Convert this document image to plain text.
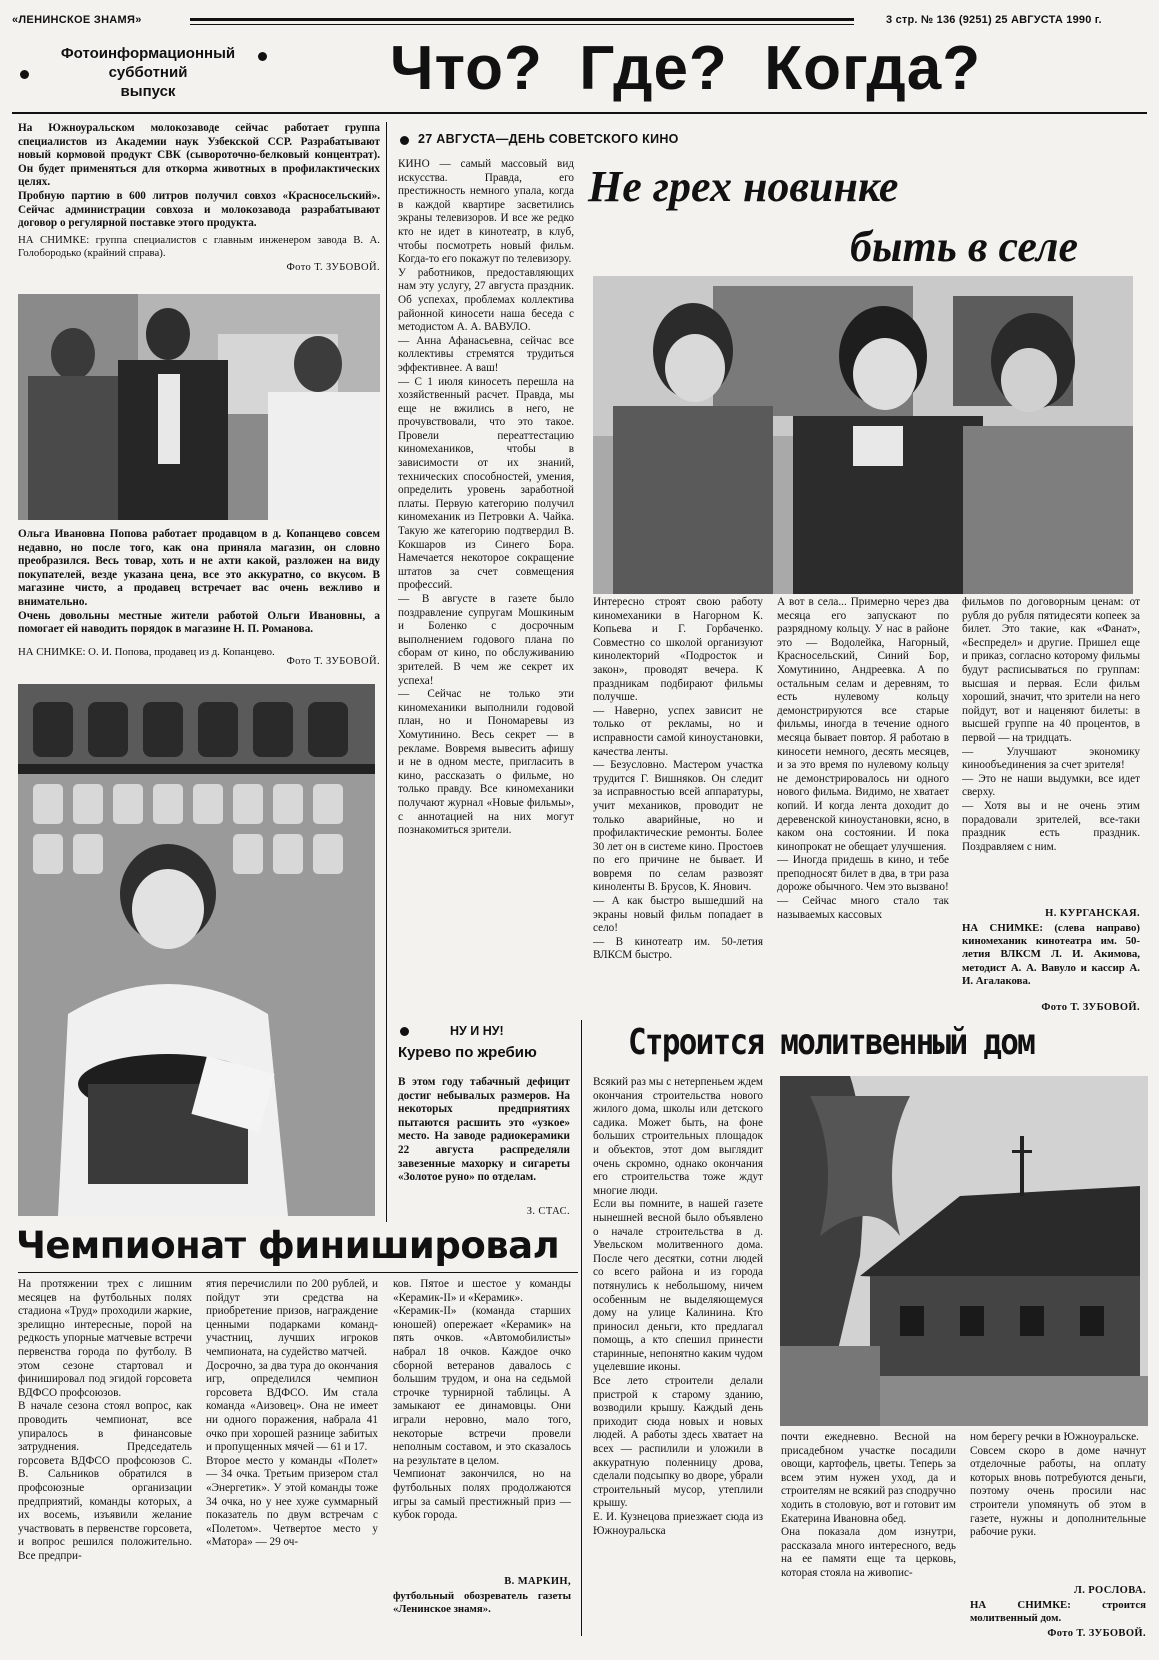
«ЛЕНИНСКОЕ ЗНАМЯ»	3 стр. № 136 (9251) 25 АВГУСТА 1990 г.
Фотоинформационный
субботний
выпуск	Что?  Где?  Когда?
На Южноуральском молокозаводе сейчас работает группа специалистов из Академии наук Узбекской ССР. Разрабатывают новый кормовой продукт СВК (сывороточно-белковый концентрат). Он будет применяться для откорма животных в профилактических целях.
Пробную партию в 600 литров получил совхоз «Красносельский». Сейчас администрации совхоза и молокозавода разрабатывают договор о регулярной поставке этого продукта.
НА СНИМКЕ: группа специалистов с главным инженером завода В. А. Голобородько (крайний справа).
Фото Т. ЗУБОВОЙ.
Ольга Ивановна Попова работает продавцом в д. Копанцево совсем недавно, но после того, как она приняла магазин, он словно преобразился. Весь товар, хоть и не ахти какой, разложен на виду покупателей, везде указана цена, все это аккуратно, со вкусом. В магазине чисто, а продавец встречает вас очень вежливо и внимательно.
Очень довольны местные жители работой Ольги Ивановны, а помогает ей наводить порядок в магазине Н. П. Романова.
НА СНИМКЕ: О. И. Попова, продавец из д. Копанцево.
Фото Т. ЗУБОВОЙ.
27 АВГУСТА—ДЕНЬ СОВЕТСКОГО КИНО
Не грех новинке
быть в селе
КИНО — самый массовый вид искусства. Правда, его престижность немного упала, когда в каждой квартире засветились экраны телевизоров. И все же редко кто не идет в кинотеатр, в клуб, чтобы посмотреть новый фильм. Когда-то его покажут по телевизору.
У работников, предоставляющих нам эту услугу, 27 августа праздник. Об успехах, проблемах коллектива районной киносети наша беседа с методистом А. А. ВАВУЛО.
— Анна Афанасьевна, сейчас все коллективы стремятся трудиться эффективнее. А ваш!
— С 1 июля киносеть перешла на хозяйственный расчет. Правда, мы еще не вжились в него, не прочувствовали, что это такое. Провели переаттестацию киномехаников, чтобы в зависимости от их знаний, технических способностей, умения, определить уровень заработной платы. Первую категорию получил киномеханик из Петровки А. Чайка. Такую же категорию подтвердил В. Кокшаров из Синего Бора. Намечается некоторое сокращение штатов за счет совмещения профессий.
— В августе в газете было поздравление супругам Мошкиным и Боленко с досрочным выполнением годового плана по сборам от кино, по обслуживанию зрителей. В чем же секрет их успеха!
— Сейчас не только эти киномеханики выполнили годовой план, но и Пономаревы из Хомутинино. Весь секрет — в рекламе. Вовремя вывесить афишу и не в одном месте, пригласить в кино, рассказать о фильме, но только правду. Все киномеханики получают журнал «Новые фильмы», с аннотацией на них могут познакомиться зрители.
Интересно строят свою работу киномеханики в Нагорном К. Копьева и Г. Горбаченко. Совместно со школой организуют кинолекторий «Подросток и закон», проводят вечера. К праздникам подбирают фильмы получше.
— Наверно, успех зависит не только от рекламы, но и исправности самой киноустановки, качества ленты.
— Безусловно. Мастером участка трудится Г. Вишняков. Он следит за исправностью всей аппаратуры, учит механиков, проводит не только аварийные, но и профилактические ремонты. Более 30 лет он в системе кино. Простоев по его причине не бывает. И вовремя по селам развозят киноленты В. Брусов, К. Янович.
— А как быстро вышедший на экраны новый фильм попадает в село!
— В кинотеатр им. 50-летия ВЛКСМ быстро.
А вот в села... Примерно через два месяца его запускают по разрядному кольцу. У нас в районе это — Водолейка, Нагорный, Красносельский, Синий Бор, Хомутинино, Андреевка. А по остальным селам и деревням, то есть нулевому кольцу демонстрируются все старые фильмы, иногда в течение одного месяца бывает повтор. Я работаю в киносети немного, десять месяцев, и за это время по нулевому кольцу не демонстрировалось ни одного нового фильма. Видимо, не хватает копий. И когда лента доходит до деревенской киноустановки, ясно, в каком она состоянии. И пока кинопрокат не обещает улучшения.
— Иногда придешь в кино, и тебе преподносят билет в два, в три раза дороже обычного. Чем это вызвано!
— Сейчас много стало так называемых кассовых
фильмов по договорным ценам: от рубля до рубля пятидесяти копеек за билет. Это такие, как «Фанат», «Беспредел» и другие. Пришел еще и приказ, согласно которому фильмы будут расписываться по группам: высшая и первая. Если фильм хороший, значит, что зрители на него пойдут, вот и наценяют билеты: в высшей группе на 40 процентов, в первой — на тридцать.
— Улучшают экономику кинообъединения за счет зрителя!
— Это не наши выдумки, все идет сверху.
— Хотя вы и не очень этим порадовали зрителей, все-таки праздник есть праздник. Поздравляем с ним.
Н. КУРГАНСКАЯ.
НА СНИМКЕ: (слева направо) киномеханик кинотеатра им. 50-летия ВЛКСМ Л. И. Акимова, методист А. А. Вавуло и кассир А. И. Агалакова.
Фото Т. ЗУБОВОЙ.
НУ И НУ!
Курево по жребию
В этом году табачный дефицит достиг небывалых размеров. На некоторых предприятиях пытаются расшить это «узкое» место. На заводе радиокерамики 22 августа распределяли завезенные махорку и сигареты «Золотое руно» по отделам.
З. СТАС.
Строится молитвенный дом
Всякий раз мы с нетерпеньем ждем окончания строительства нового жилого дома, школы или детского садика. Может быть, на фоне больших строительных площадок и объектов, этот дом выглядит очень скромно, однако окончания его строительства тоже ждут многие люди.
Если вы помните, в нашей газете нынешней весной было объявлено о начале строительства в д. Увельском молитвенного дома. После чего десятки, сотни людей со всего района и из города потянулись к небольшому, ничем особенным не выделяющемуся дому на улице Калинина. Кто приносил деньги, кто предлагал помощь, а кто спешил принести старинные, непонятно каким чудом уцелевшие иконы.
Все лето строители делали пристрой к старому зданию, возводили крышу. Каждый день приходит сюда новых и новых людей. А работы здесь хватает на всех — распилили и уложили в аккуратную поленницу дрова, сделали подсыпку во дворе, убрали строительный мусор, утеплили крышу.
Е. И. Кузнецова приезжает сюда из Южноуральска
почти ежедневно. Весной на присадебном участке посадили овощи, картофель, цветы. Теперь за всем этим нужен уход, да и строителям не всякий раз сподручно ходить в столовую, вот и готовит им Екатерина Ивановна обед.
Она показала дом изнутри, рассказала много интересного, ведь на ее памяти еще та церковь, которая стояла на живопис-
ном берегу речки в Южноуральске.
Совсем скоро в доме начнут отделочные работы, на оплату которых вновь потребуются деньги, поэтому очень просили нас строители упомянуть об этом в газете, нужны и дополнительные рабочие руки.
Л. РОСЛОВА.
НА СНИМКЕ: строится молитвенный дом.
Фото Т. ЗУБОВОЙ.
Чемпионат финишировал
На протяжении трех с лишним месяцев на футбольных полях стадиона «Труд» проходили жаркие, зрелищно интересные, порой на редкость упорные матчевые встречи первенства города по футболу. В этом сезоне стартовал и финишировал под эгидой горсовета ВДФСО профсоюзов.
В начале сезона стоял вопрос, как проводить чемпионат, все упиралось в финансовые затруднения. Председатель горсовета ВДФСО профсоюзов С. В. Сальников обратился в профсоюзные организации предприятий, команды которых, а их восемь, изъявили желание участвовать в первенстве горсовета, и вопрос решился положительно. Все предпри-
ятия перечислили по 200 рублей, и пойдут эти средства на приобретение призов, награждение ценными подарками команд-участниц, лучших игроков чемпионата, на судейство матчей.
Досрочно, за два тура до окончания игр, определился чемпион горсовета ВДФСО. Им стала команда «Аизовец». Она не имеет ни одного поражения, набрала 41 очко при хорошей разнице забитых и пропущенных мячей — 61 и 17.
Второе место у команды «Полет» — 34 очка. Третьим призером стал «Энергетик». У этой команды тоже 34 очка, но у нее хуже суммарный показатель по двум встречам с «Полетом». Четвертое место у «Матора» — 29 оч-
ков. Пятое и шестое у команды «Керамик-II» и «Керамик».
«Керамик-II» (команда старших юношей) опережает «Керамик» на пять очков. «Автомобилисты» набрал 18 очков. Каждое очко сборной ветеранов давалось с большим трудом, и она на седьмой строчке турнирной таблицы. А замыкают ее динамовцы. Они играли неровно, мало того, некоторые встречи провели неполным составом, и это сказалось на результате в целом.
Чемпионат закончился, но на футбольных полях продолжаются игры за самый престижный приз — кубок города.
В. МАРКИН,
футбольный обозреватель газеты «Ленинское знамя».
